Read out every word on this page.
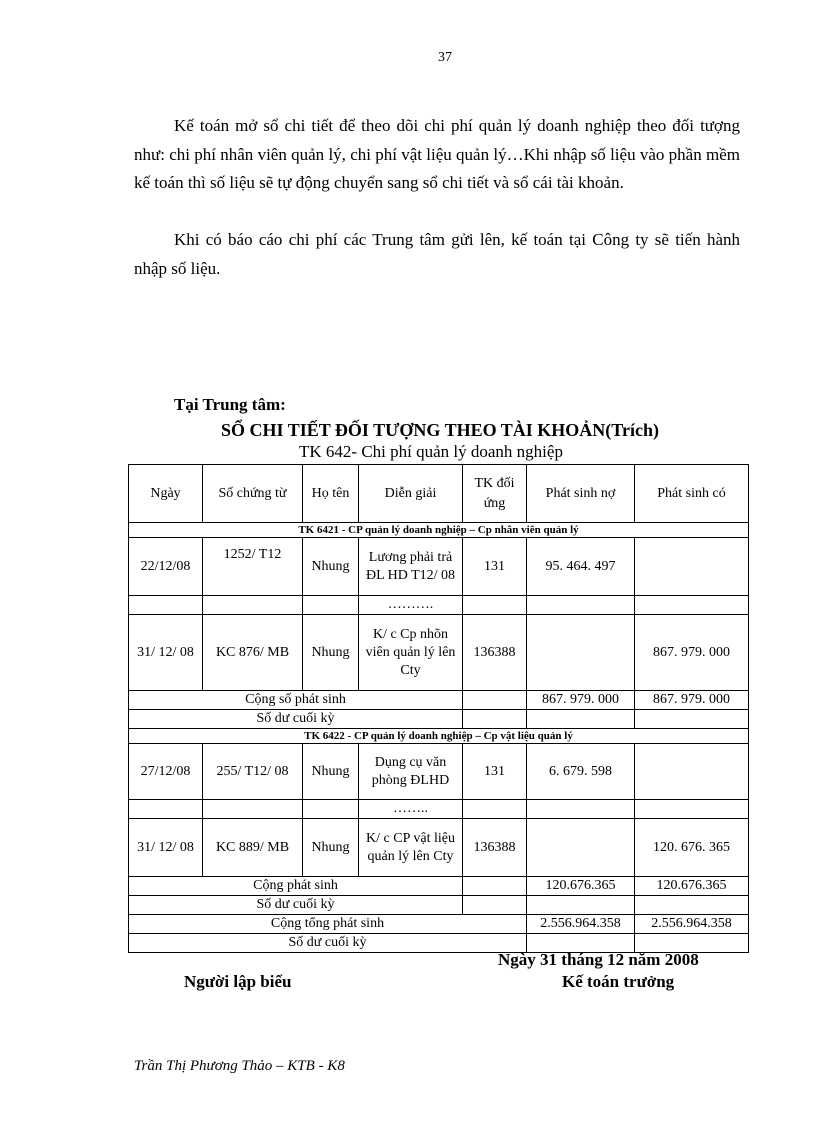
37

Kế toán mở sổ chi tiết để theo dõi chi phí quản lý doanh nghiệp theo đối tượng như: chi phí nhân viên quản lý, chi phí vật liệu quản lý…Khi nhập số liệu vào phần mềm kế toán thì số liệu sẽ tự động chuyển sang sổ chi tiết và sổ cái tài khoản.

Khi có báo cáo chi phí các Trung tâm gửi lên, kế toán tại Công ty sẽ tiến hành nhập số liệu.

Tại Trung tâm:
SỔ CHI TIẾT ĐỐI TƯỢNG THEO TÀI KHOẢN(Trích)
TK 642- Chi phí quản lý doanh nghiệp
Ngày	Số chứng từ	Họ tên	Diễn giải	TK đối ứng	Phát sinh nợ	Phát sinh có
TK 6421 - CP quản lý doanh nghiệp – Cp nhân viên quản lý						
22/12/08	1252/ T12	Nhung	Lương phải trả ĐL HD T12/ 08	131	95. 464. 497	
			……….			
31/ 12/ 08	KC 876/ MB	Nhung	K/ c Cp nhõn viên quản lý lên Cty	136388		867. 979. 000
Cộng số phát sinh					867. 979. 000	867. 979. 000
Số dư cuối kỳ						
TK 6422 - CP quản lý doanh nghiệp – Cp vật liệu quản lý						
27/12/08	255/ T12/ 08	Nhung	Dụng cụ văn phòng ĐLHD	131	6. 679. 598	
			……..			
31/ 12/ 08	KC 889/ MB	Nhung	K/ c CP vật liệu quản lý lên Cty	136388		120. 676. 365
Cộng phát sinh					120.676.365	120.676.365
Số dư cuối kỳ						
Cộng tổng phát sinh					2.556.964.358	2.556.964.358
Số dư cuối kỳ						
Ngày 31 tháng 12 năm 2008
Người lập biểu	Kế toán trưởng
Trần Thị Phương Thảo – KTB - K8
